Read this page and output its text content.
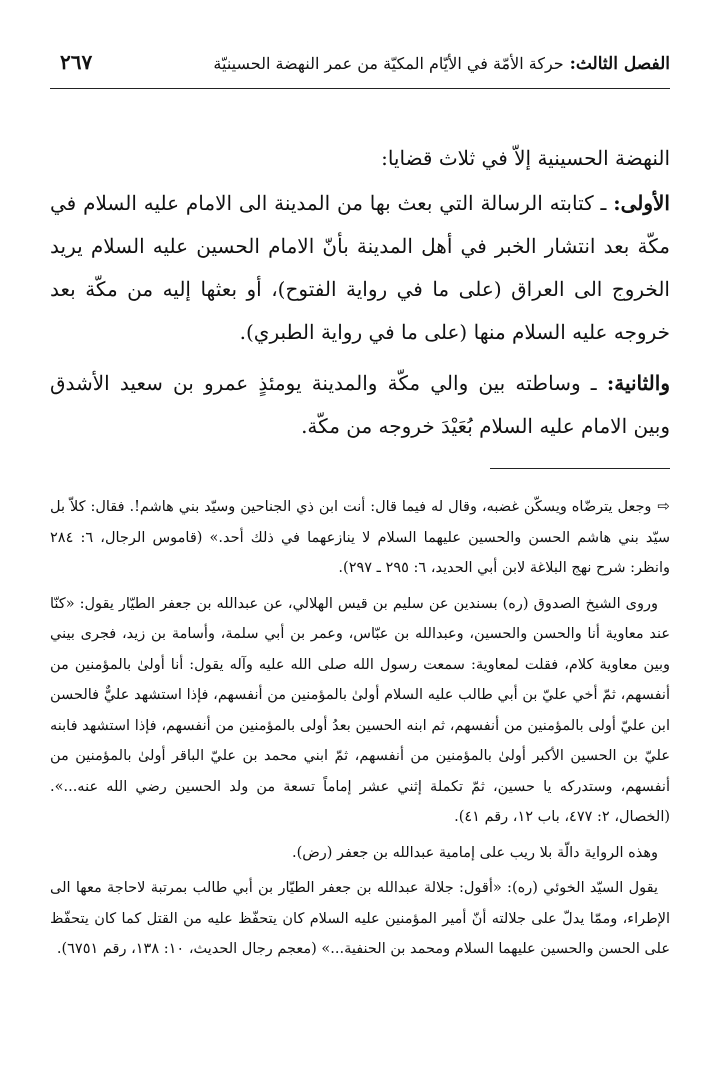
الفصل الثالث: حركة الأمّة في الأيّام المكيّة من عمر النهضة الحسينيّة
٢٦٧

النهضة الحسينية إلاّ في ثلاث قضايا:

الأولى: ـ كتابته الرسالة التي بعث بها من المدينة الى الامام عليه السلام في مكّة بعد انتشار الخبر في أهل المدينة بأنّ الامام الحسين عليه السلام يريد الخروج الى العراق (على ما في رواية الفتوح)، أو بعثها إليه من مكّة بعد خروجه عليه السلام منها (على ما في رواية الطبري).

والثانية: ـ وساطته بين والي مكّة والمدينة يومئذٍ عمرو بن سعيد الأشدق وبين الامام عليه السلام بُعَيْدَ خروجه من مكّة.

⇨وجعل يترضّاه ويسكّن غضبه، وقال له فيما قال: أنت ابن ذي الجناحين وسيّد بني هاشم!. فقال: كلاّ بل سيّد بني هاشم الحسن والحسين عليهما السلام لا ينازعهما في ذلك أحد.» (قاموس الرجال، ٦: ٢٨٤ وانظر: شرح نهج البلاغة لابن أبي الحديد، ٦: ٢٩٥ ـ ٢٩٧).

وروى الشيخ الصدوق (ره) بسندين عن سليم بن قيس الهلالي، عن عبدالله بن جعفر الطيّار يقول: «كنّا عند معاوية أنا والحسن والحسين، وعبدالله بن عبّاس، وعمر بن أبي سلمة، وأسامة بن زيد، فجرى بيني وبين معاوية كلام، فقلت لمعاوية: سمعت رسول الله صلى الله عليه وآله يقول: أنا أولىٰ بالمؤمنين من أنفسهم، ثمّ أخي عليّ بن أبي طالب عليه السلام أولىٰ بالمؤمنين من أنفسهم، فإذا استشهد عليٌّ فالحسن ابن عليّ أولى بالمؤمنين من أنفسهم، ثم ابنه الحسين بعدُ أولى بالمؤمنين من أنفسهم، فإذا استشهد فابنه عليّ بن الحسين الأكبر أولىٰ بالمؤمنين من أنفسهم، ثمّ ابني محمد بن عليّ الباقر أولىٰ بالمؤمنين من أنفسهم، وستدركه يا حسين، ثمّ تكملة إثني عشر إماماً تسعة من ولد الحسين رضي الله عنه...». (الخصال، ٢: ٤٧٧، باب ١٢، رقم ٤١).

وهذه الرواية دالّة بلا ريب على إمامية عبدالله بن جعفر (رض).

يقول السيّد الخوئي (ره): «أقول: جلالة عبدالله بن جعفر الطيّار بن أبي طالب بمرتبة لاحاجة معها الى الإطراء، وممّا يدلّ على جلالته أنّ أمير المؤمنين عليه السلام كان يتحفّظ عليه من القتل كما كان يتحفّظ على الحسن والحسين عليهما السلام ومحمد بن الحنفية...» (معجم رجال الحديث، ١٠: ١٣٨، رقم ٦٧٥١).
